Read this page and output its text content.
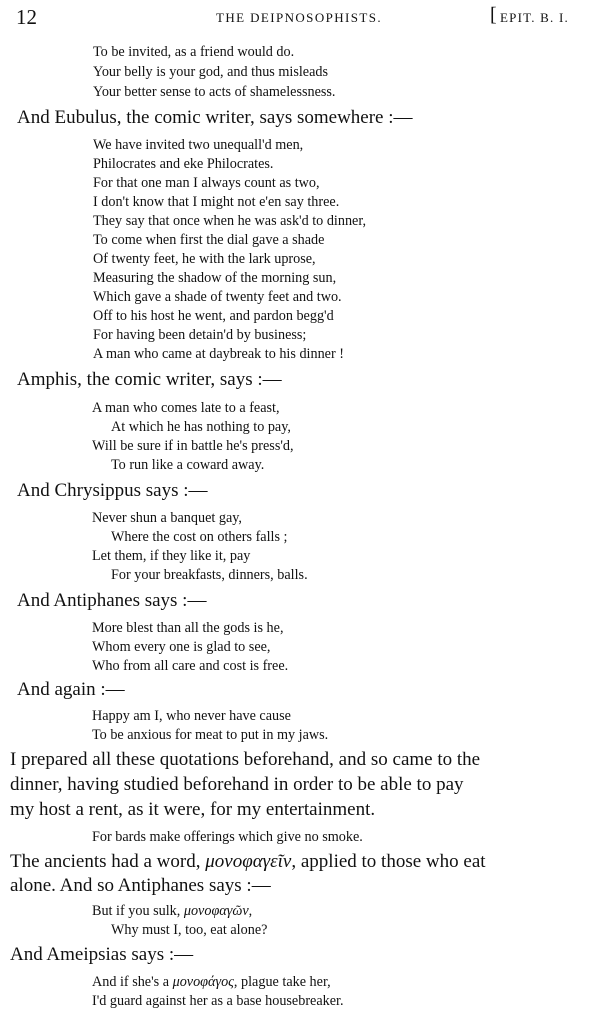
12	THE DEIPNOSOPHISTS.
[	EPIT. B. I.
To be invited, as a friend would do.
Your belly is your god, and thus misleads
Your better sense to acts of shamelessness.
And Eubulus, the comic writer, says somewhere :—
We have invited two unequall'd men,
Philocrates and eke Philocrates.
For that one man I always count as two,
I don't know that I might not e'en say three.
They say that once when he was ask'd to dinner,
To come when first the dial gave a shade
Of twenty feet, he with the lark uprose,
Measuring the shadow of the morning sun,
Which gave a shade of twenty feet and two.
Off to his host he went, and pardon begg'd
For having been detain'd by business;
A man who came at daybreak to his dinner !
Amphis, the comic writer, says :—
A man who comes late to a feast,
At which he has nothing to pay,
Will be sure if in battle he's press'd,
To run like a coward away.
And Chrysippus says :—
Never shun a banquet gay,
Where the cost on others falls ;
Let them, if they like it, pay
For your breakfasts, dinners, balls.
And Antiphanes says :—
More blest than all the gods is he,
Whom every one is glad to see,
Who from all care and cost is free.
And again :—
Happy am I, who never have cause
To be anxious for meat to put in my jaws.
I prepared all these quotations beforehand, and so came to the
dinner, having studied beforehand in order to be able to pay
my host a rent, as it were, for my entertainment.
For bards make offerings which give no smoke.
The ancients had a word, μονοφαγεῖν, applied to those who eat
alone. And so Antiphanes says :—
But if you sulk, μονοφαγῶν,
Why must I, too, eat alone?
And Ameipsias says :—
And if she's a μονοφάγος, plague take her,
I'd guard against her as a base housebreaker.
